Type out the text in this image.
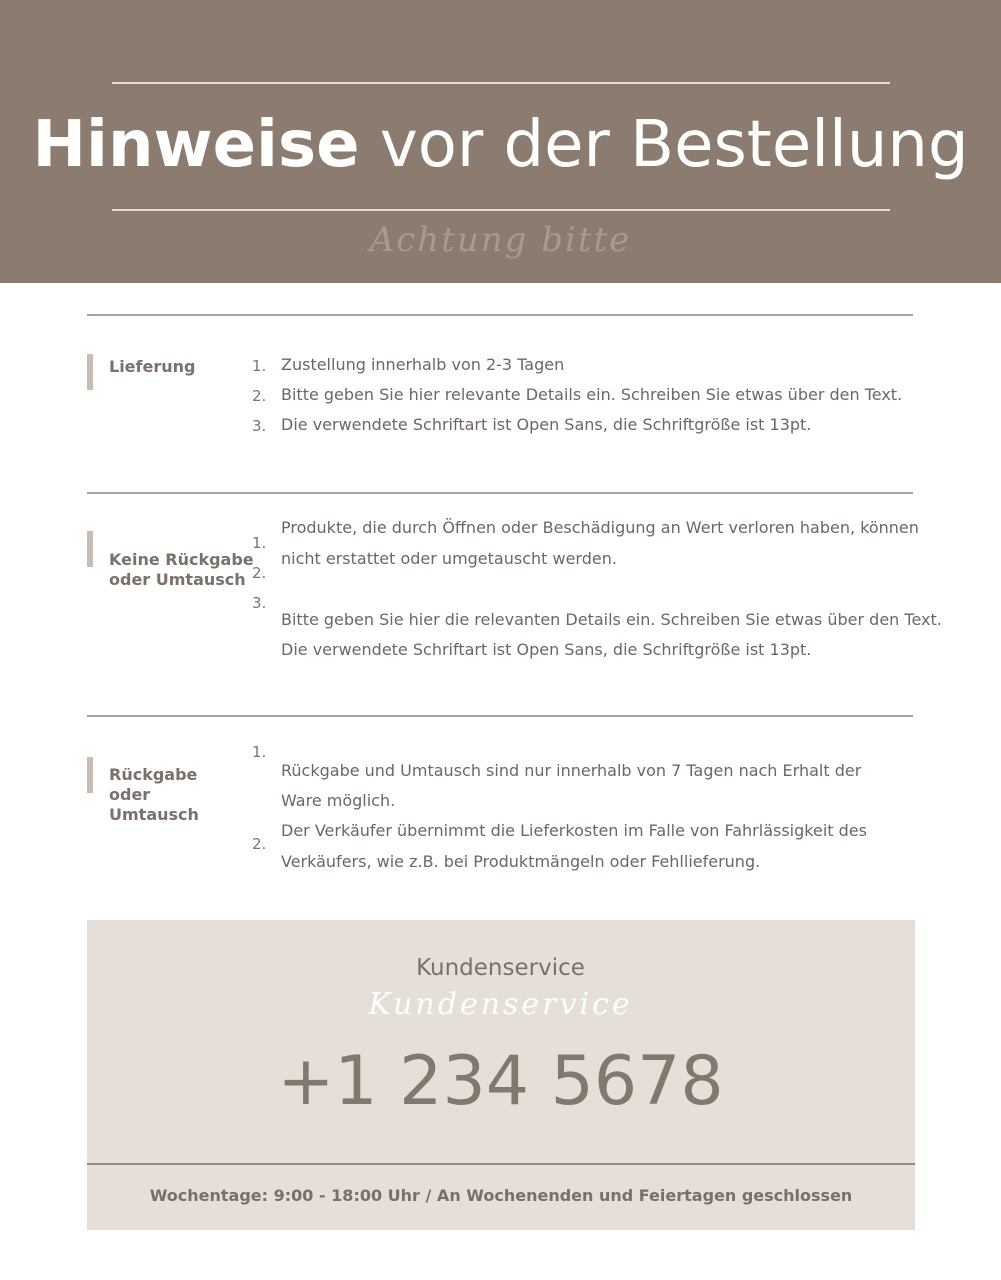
Hinweise vor der Bestellung
Achtung bitte
Lieferung	1.
2.
3.
Zustellung innerhalb von 2-3 Tagen
Bitte geben Sie hier relevante Details ein. Schreiben Sie etwas über den Text.
Die verwendete Schriftart ist Open Sans, die Schriftgröße ist 13pt.
Keine Rückgabe
oder Umtausch
1.
2.
3.
Produkte, die durch Öffnen oder Beschädigung an Wert verloren haben, können
nicht erstattet oder umgetauscht werden.
Bitte geben Sie hier die relevanten Details ein. Schreiben Sie etwas über den Text.
Die verwendete Schriftart ist Open Sans, die Schriftgröße ist 13pt.
Rückgabe
oder
Umtausch
1.
2.
Rückgabe und Umtausch sind nur innerhalb von 7 Tagen nach Erhalt der
Ware möglich.
Der Verkäufer übernimmt die Lieferkosten im Falle von Fahrlässigkeit des
Verkäufers, wie z.B. bei Produktmängeln oder Fehllieferung.
Kundenservice
Kundenservice
+1 234 5678
Wochentage: 9:00 - 18:00 Uhr / An Wochenenden und Feiertagen geschlossen
